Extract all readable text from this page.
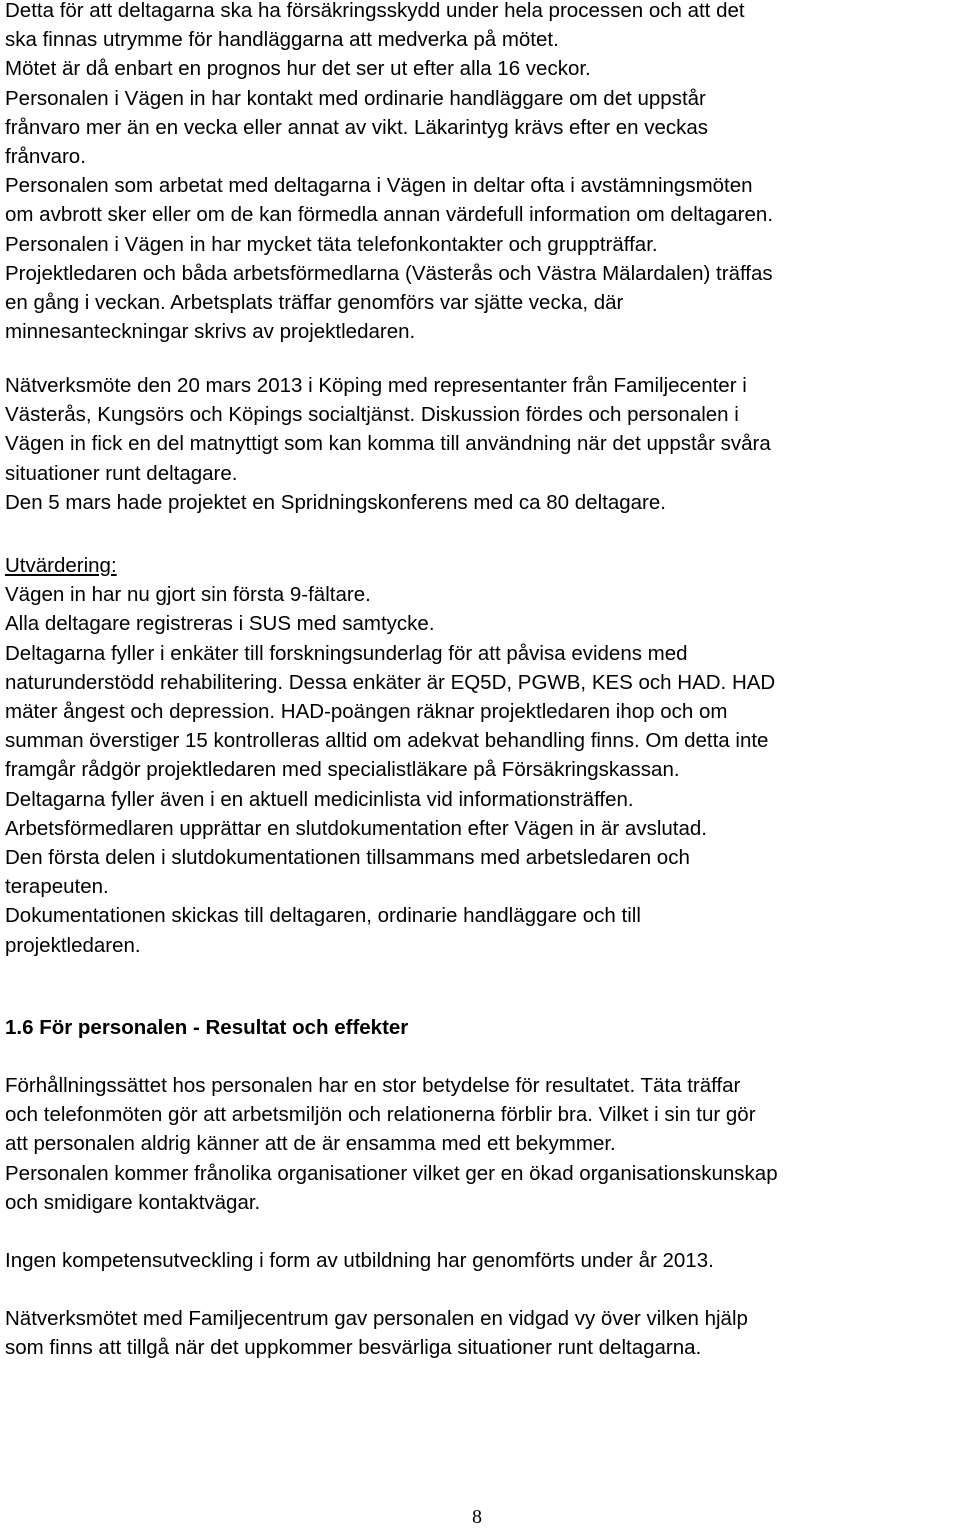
Detta för att deltagarna ska ha försäkringsskydd under hela processen och att det
ska finnas utrymme för handläggarna att medverka på mötet.
Mötet är då enbart en prognos hur det ser ut efter alla 16 veckor.
Personalen i Vägen in har kontakt med ordinarie handläggare om det uppstår
frånvaro mer än en vecka eller annat av vikt. Läkarintyg krävs efter en veckas
frånvaro.
Personalen som arbetat med deltagarna i Vägen in deltar ofta i avstämningsmöten
om avbrott sker eller om de kan förmedla annan värdefull information om deltagaren.
Personalen i Vägen in har mycket täta telefonkontakter och gruppträffar.
Projektledaren och båda arbetsförmedlarna (Västerås och Västra Mälardalen) träffas
en gång i veckan. Arbetsplats träffar genomförs var sjätte vecka, där
minnesanteckningar skrivs av projektledaren.

Nätverksmöte den 20 mars 2013 i Köping med representanter från Familjecenter i
Västerås, Kungsörs och Köpings socialtjänst. Diskussion fördes och personalen i
Vägen in fick en del matnyttigt som kan komma till användning när det uppstår svåra
situationer runt deltagare.
Den 5 mars hade projektet en Spridningskonferens med ca 80 deltagare.

Utvärdering:
Vägen in har nu gjort sin första 9-fältare.
Alla deltagare registreras i SUS med samtycke.
Deltagarna fyller i enkäter till forskningsunderlag för att påvisa evidens med
naturunderstödd rehabilitering. Dessa enkäter är EQ5D, PGWB, KES och HAD. HAD
mäter ångest och depression. HAD-poängen räknar projektledaren ihop och om
summan överstiger 15 kontrolleras alltid om adekvat behandling finns. Om detta inte
framgår rådgör projektledaren med specialistläkare på Försäkringskassan.
Deltagarna fyller även i en aktuell medicinlista vid informationsträffen.
Arbetsförmedlaren upprättar en slutdokumentation efter Vägen in är avslutad.
Den första delen i slutdokumentationen tillsammans med arbetsledaren och
terapeuten.
Dokumentationen skickas till deltagaren, ordinarie handläggare och till
projektledaren.
1.6 För personalen - Resultat och effekter

Förhållningssättet hos personalen har en stor betydelse för resultatet. Täta träffar
och telefonmöten gör att arbetsmiljön och relationerna förblir bra. Vilket i sin tur gör
att personalen aldrig känner att de är ensamma med ett bekymmer.
Personalen kommer frånolika organisationer vilket ger en ökad organisationskunskap
och smidigare kontaktvägar.

Ingen kompetensutveckling i form av utbildning har genomförts under år 2013.

Nätverksmötet med Familjecentrum gav personalen en vidgad vy över vilken hjälp
som finns att tillgå när det uppkommer besvärliga situationer runt deltagarna.

8
